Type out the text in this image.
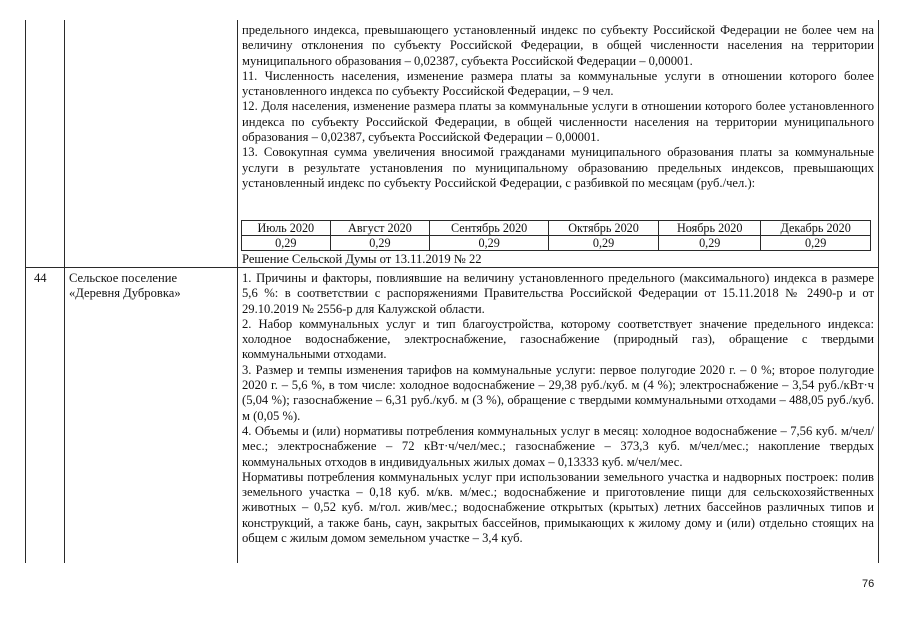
предельного индекса, превышающего установленный индекс по субъекту Российской Федерации не более чем на величину отклонения по субъекту Российской Федерации, в общей численности населения на территории муниципального образования – 0,02387, субъекта Российской Федерации – 0,00001.

11. Численность населения, изменение размера платы за коммунальные услуги в отношении которого более установленного индекса по субъекту Российской Федерации, – 9 чел.

12. Доля населения, изменение размера платы за коммунальные услуги в отношении которого более установленного индекса по субъекту Российской Федерации, в общей численности населения на территории муниципального образования – 0,02387, субъекта Российской Федерации – 0,00001.

13. Совокупная сумма увеличения вносимой гражданами муниципального образования платы за коммунальные услуги в результате установления по муниципальному образованию предельных индексов, превышающих установленный индекс по субъекту Российской Федерации, с разбивкой по месяцам (руб./чел.):

Июль 2020	Август 2020	Сентябрь 2020	Октябрь 2020	Ноябрь 2020	Декабрь 2020
0,29	0,29	0,29	0,29	0,29	0,29
Решение Сельской Думы от 13.11.2019 № 22
44 Сельское поселение
«Деревня Дубровка»

1. Причины и факторы, повлиявшие на величину установленного предельного (максимального) индекса в размере 5,6 %: в соответствии с распоряжениями Правительства Российской Федерации от 15.11.2018 № 2490-р и от 29.10.2019 № 2556-р для Калужской области.

2. Набор коммунальных услуг и тип благоустройства, которому соответствует значение предельного индекса: холодное водоснабжение, электроснабжение, газоснабжение (природный газ), обращение с твердыми коммунальными отходами.

3. Размер и темпы изменения тарифов на коммунальные услуги: первое полугодие 2020 г. – 0 %; второе полугодие 2020 г. – 5,6 %, в том числе: холодное водоснабжение – 29,38 руб./куб. м (4 %); электроснабжение – 3,54 руб./кВт·ч (5,04 %); газоснабжение – 6,31 руб./куб. м (3 %), обращение с твердыми коммунальными отходами – 488,05 руб./куб. м (0,05 %).

4. Объемы и (или) нормативы потребления коммунальных услуг в месяц: холодное водоснабжение – 7,56 куб. м/чел/мес.; электроснабжение – 72 кВт·ч/чел/мес.; газоснабжение – 373,3 куб. м/чел/мес.; накопление твердых коммунальных отходов в индивидуальных жилых домах – 0,13333 куб. м/чел/мес.

Нормативы потребления коммунальных услуг при использовании земельного участка и надворных построек: полив земельного участка – 0,18 куб. м/кв. м/мес.; водоснабжение и приготовление пищи для сельскохозяйственных животных – 0,52 куб. м/гол. жив/мес.; водоснабжение открытых (крытых) летних бассейнов различных типов и конструкций, а также бань, саун, закрытых бассейнов, примыкающих к жилому дому и (или) отдельно стоящих на общем с жилым домом земельном участке – 3,4 куб.

76
